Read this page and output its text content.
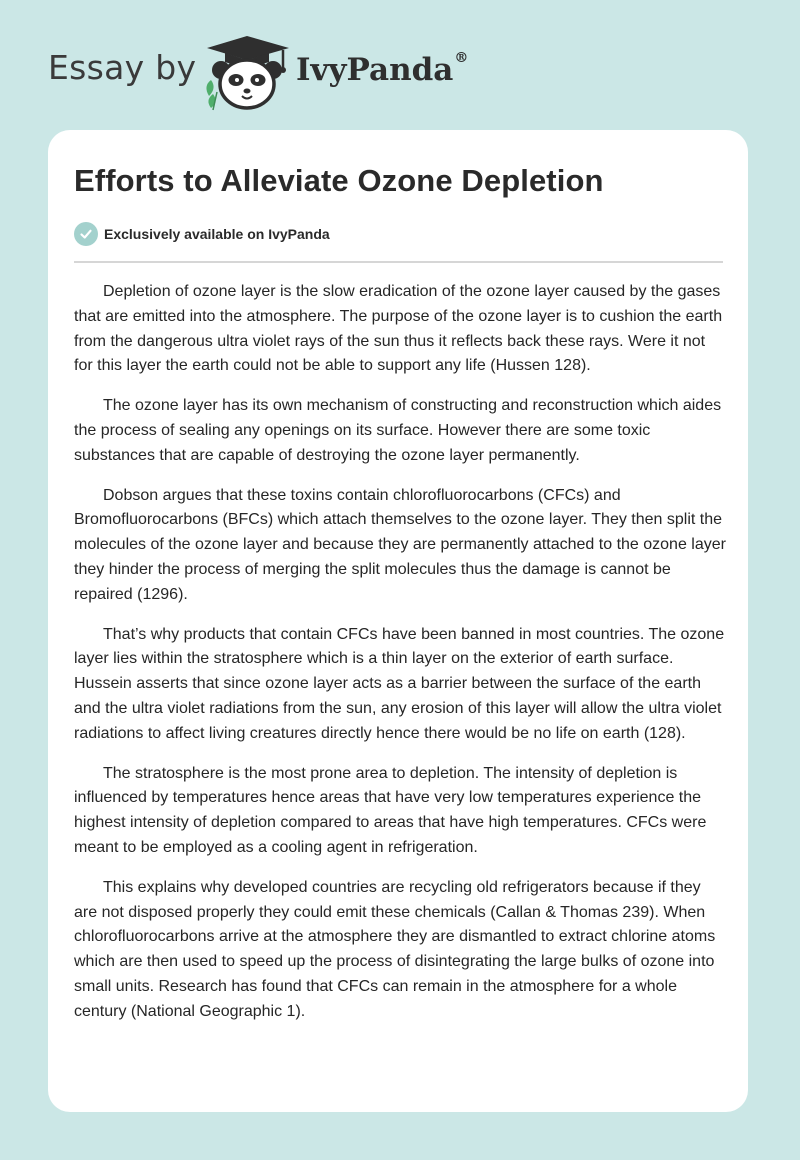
Essay by	IvyPanda®
Efforts to Alleviate Ozone Depletion
Exclusively available on IvyPanda

Depletion of ozone layer is the slow eradication of the ozone layer caused by the gases that are emitted into the atmosphere. The purpose of the ozone layer is to cushion the earth from the dangerous ultra violet rays of the sun thus it reflects back these rays. Were it not for this layer the earth could not be able to support any life (Hussen 128).

The ozone layer has its own mechanism of constructing and reconstruction which aides the process of sealing any openings on its surface. However there are some toxic substances that are capable of destroying the ozone layer permanently.

Dobson argues that these toxins contain chlorofluorocarbons (CFCs) and Bromofluorocarbons (BFCs) which attach themselves to the ozone layer. They then split the molecules of the ozone layer and because they are permanently attached to the ozone layer they hinder the process of merging the split molecules thus the damage is cannot be repaired (1296).

That’s why products that contain CFCs have been banned in most countries. The ozone layer lies within the stratosphere which is a thin layer on the exterior of earth surface. Hussein asserts that since ozone layer acts as a barrier between the surface of the earth and the ultra violet radiations from the sun, any erosion of this layer will allow the ultra violet radiations to affect living creatures directly hence there would be no life on earth (128).

The stratosphere is the most prone area to depletion. The intensity of depletion is influenced by temperatures hence areas that have very low temperatures experience the highest intensity of depletion compared to areas that have high temperatures. CFCs were meant to be employed as a cooling agent in refrigeration.

This explains why developed countries are recycling old refrigerators because if they are not disposed properly they could emit these chemicals (Callan & Thomas 239). When chlorofluorocarbons arrive at the atmosphere they are dismantled to extract chlorine atoms which are then used to speed up the process of disintegrating the large bulks of ozone into small units. Research has found that CFCs can remain in the atmosphere for a whole century (National Geographic 1).
